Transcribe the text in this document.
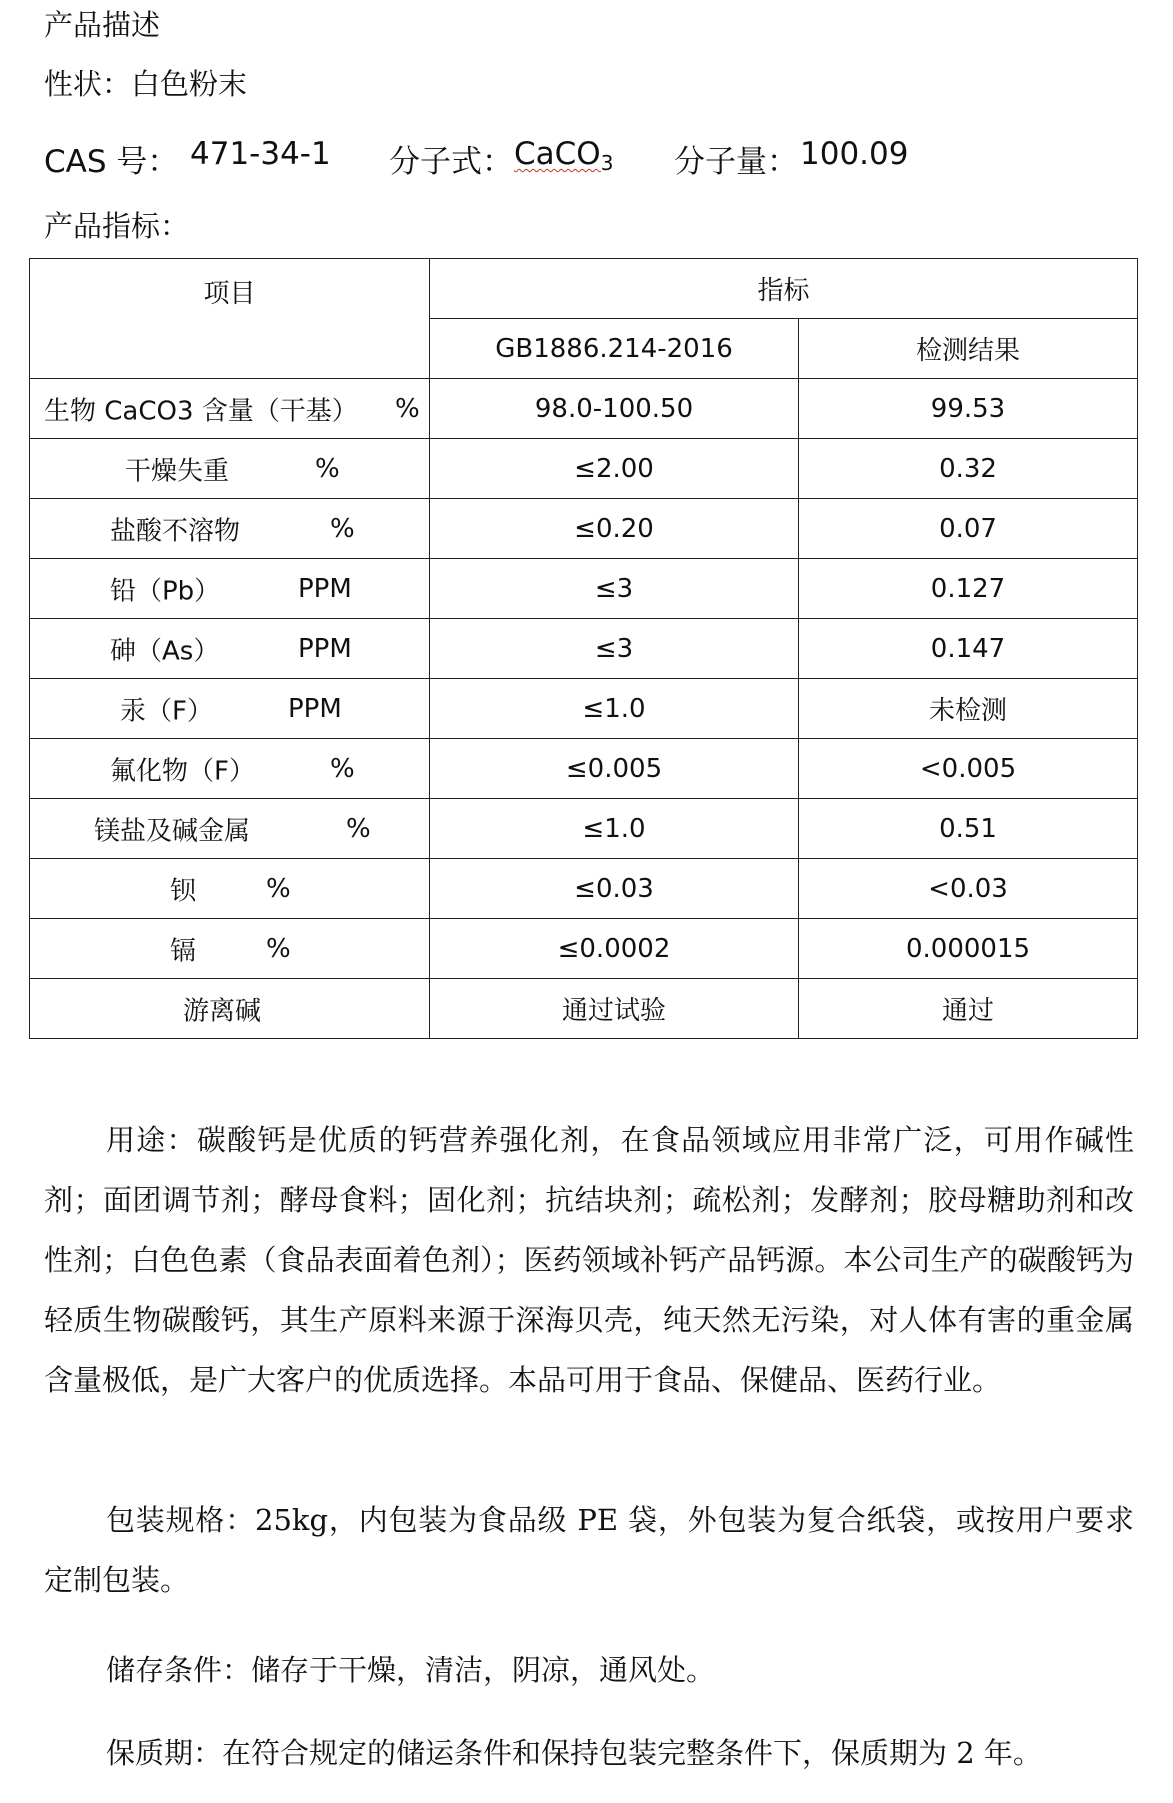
产品描述
性状：白色粉末
CAS 号： 471-34-1 分子式： CaCO$_3$ 分子量： 100.09
产品指标：
项目	指标	
	GB1886.214-2016	检测结果

生物 CaCO3 含量（干基） %	98.0-100.50	99.53

干燥失重 %	≤2.00	0.32

盐酸不溶物 %	≤0.20	0.07

铅（Pb） PPM	≤3	0.127

砷（As） PPM	≤3	0.147

汞（F） PPM	≤1.0	未检测

氟化物（F） %	≤0.005	<0.005

镁盐及碱金属 %	≤1.0	0.51

钡 %	≤0.03	<0.03

镉 %	≤0.0002	0.000015

游离碱	通过试验	通过
用途：碳酸钙是优质的钙营养强化剂，在食品领域应用非常广泛，可用作碱性剂；面团调节剂；酵母食料；固化剂；抗结块剂；疏松剂；发酵剂；胶母糖助剂和改性剂；白色色素（食品表面着色剂）；医药领域补钙产品钙源。本公司生产的碳酸钙为轻质生物碳酸钙，其生产原料来源于深海贝壳，纯天然无污染，对人体有害的重金属含量极低，是广大客户的优质选择。本品可用于食品、保健品、医药行业。
包装规格：25kg，内包装为食品级 PE 袋，外包装为复合纸袋，或按用户要求定制包装。
储存条件：储存于干燥，清洁，阴凉，通风处。
保质期：在符合规定的储运条件和保持包装完整条件下，保质期为 2 年。
